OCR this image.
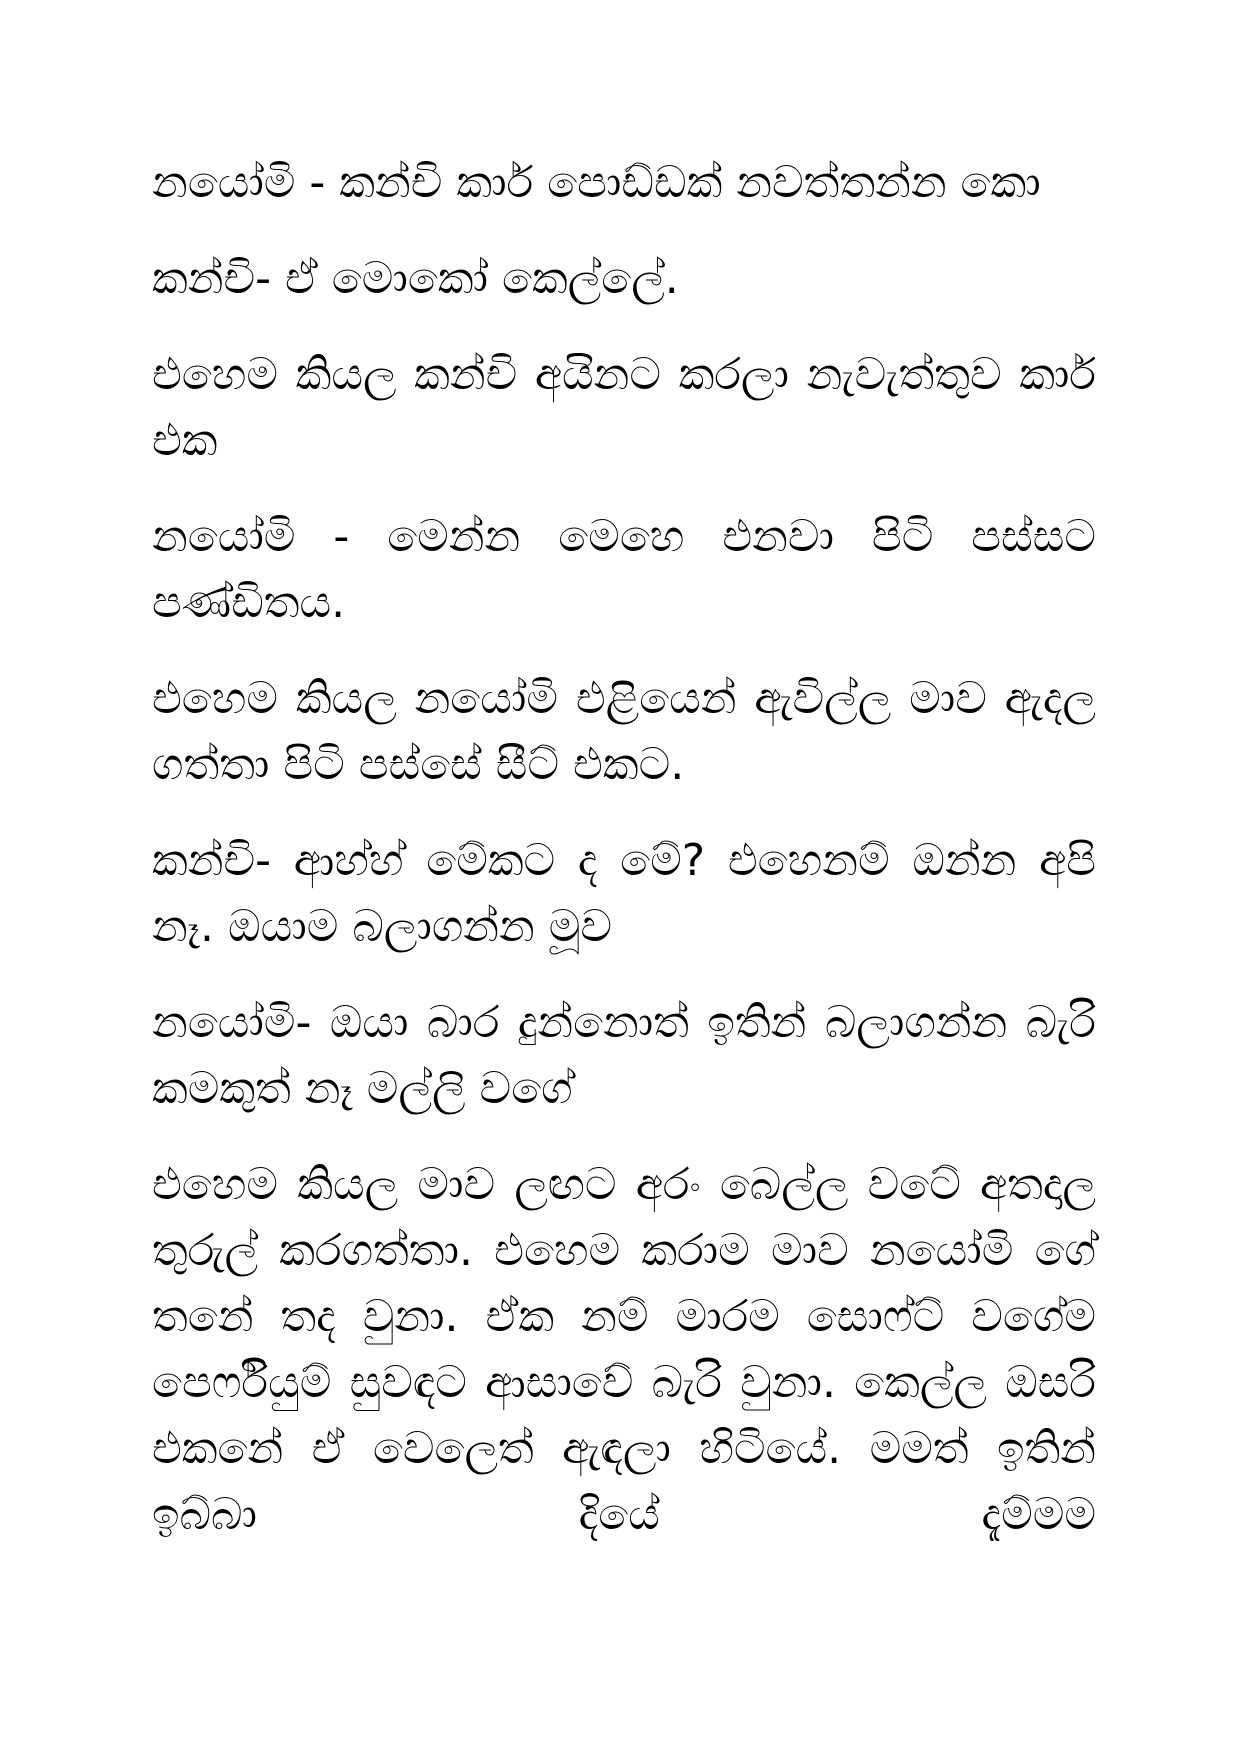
නයෝමි - කන්චි කාර් පොඩ්ඩක් නවත්තන්න කො

කන්චි- ඒ මොකෝ කෙල්ලේ.

එහෙම කියල කන්චි අයිනට කරලා නැවැත්තුව කාර් එක

නයෝමි - මෙන්න මෙහෙ එනවා පිටි පස්සට පණ්ඩිතය.

එහෙම කියල නයෝමි එළියෙන් ඇවිල්ල මාව ඇදල ගත්තා පිටි පස්සේ සීට් එකට.

කන්චි- ආහ්හ් මේකට ද මේ? එහෙනම් ඔන්න අපි නෑ. ඔයාම බලාගන්න මූව

නයෝමි- ඔයා බාර දුන්නොත් ඉතින් බලාගන්න බැරි කමකුත් නෑ මල්ලි වගේ

එහෙම කියල මාව ලඟට අරං බෙල්ල වටේ අතදාල තුරුල් කරගත්තා. එහෙම කරාම මාව නයෝමි ගේ තනේ තද වුනා. ඒක නම් මාරම සොෆ්ට් වගේම පෙර්ෆියුම් සුවඳට ආසාවේ බැරි වුනා. කෙල්ල ඔසරි එකනේ ඒ වෙලෙත් ඇඳලා හිටියේ. මමත් ඉතින් ඉබ්බා දියේ දැම්මම
